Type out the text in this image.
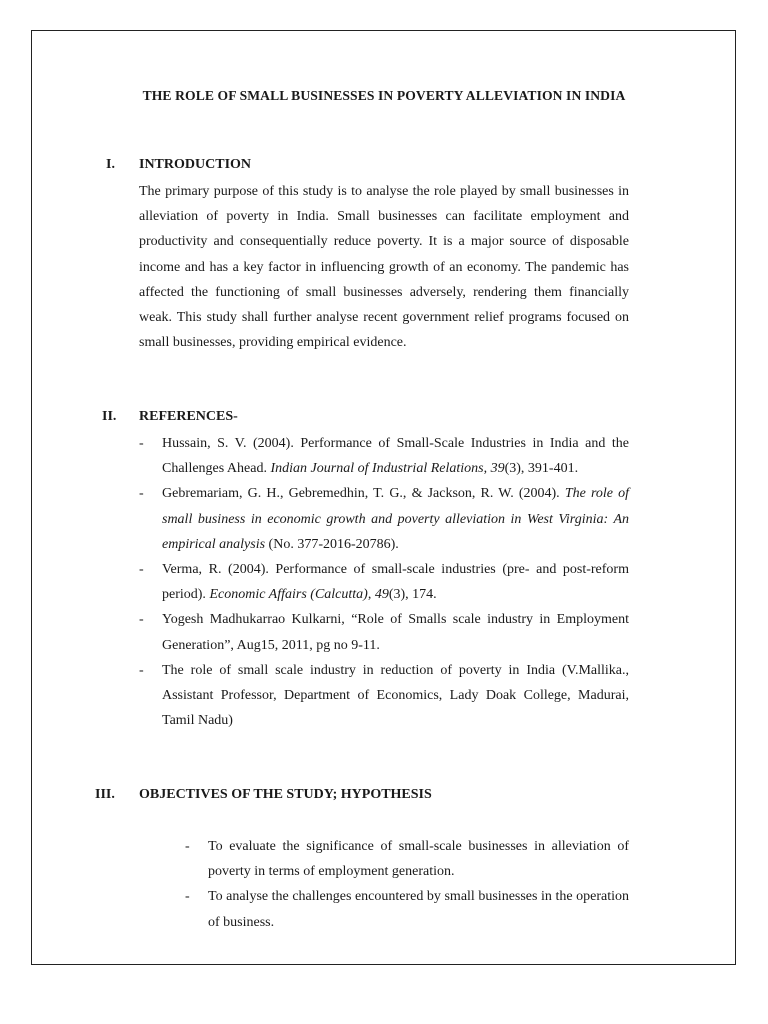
THE ROLE OF SMALL BUSINESSES IN POVERTY ALLEVIATION IN INDIA
I. INTRODUCTION

The primary purpose of this study is to analyse the role played by small businesses in alleviation of poverty in India. Small businesses can facilitate employment and productivity and consequentially reduce poverty. It is a major source of disposable income and has a key factor in influencing growth of an economy. The pandemic has affected the functioning of small businesses adversely, rendering them financially weak. This study shall further analyse recent government relief programs focused on small businesses, providing empirical evidence.

II. REFERENCES-
- Hussain, S. V. (2004). Performance of Small-Scale Industries in India and the Challenges Ahead. Indian Journal of Industrial Relations, 39(3), 391-401.
- Gebremariam, G. H., Gebremedhin, T. G., & Jackson, R. W. (2004). The role of small business in economic growth and poverty alleviation in West Virginia: An empirical analysis (No. 377-2016-20786).
- Verma, R. (2004). Performance of small-scale industries (pre- and post-reform period). Economic Affairs (Calcutta), 49(3), 174.
- Yogesh Madhukarrao Kulkarni, “Role of Smalls scale industry in Employment Generation”, Aug15, 2011, pg no 9-11.
- The role of small scale industry in reduction of poverty in India (V.Mallika., Assistant Professor, Department of Economics, Lady Doak College, Madurai, Tamil Nadu)
III. OBJECTIVES OF THE STUDY; HYPOTHESIS
- To evaluate the significance of small-scale businesses in alleviation of poverty in terms of employment generation.
- To analyse the challenges encountered by small businesses in the operation of business.
